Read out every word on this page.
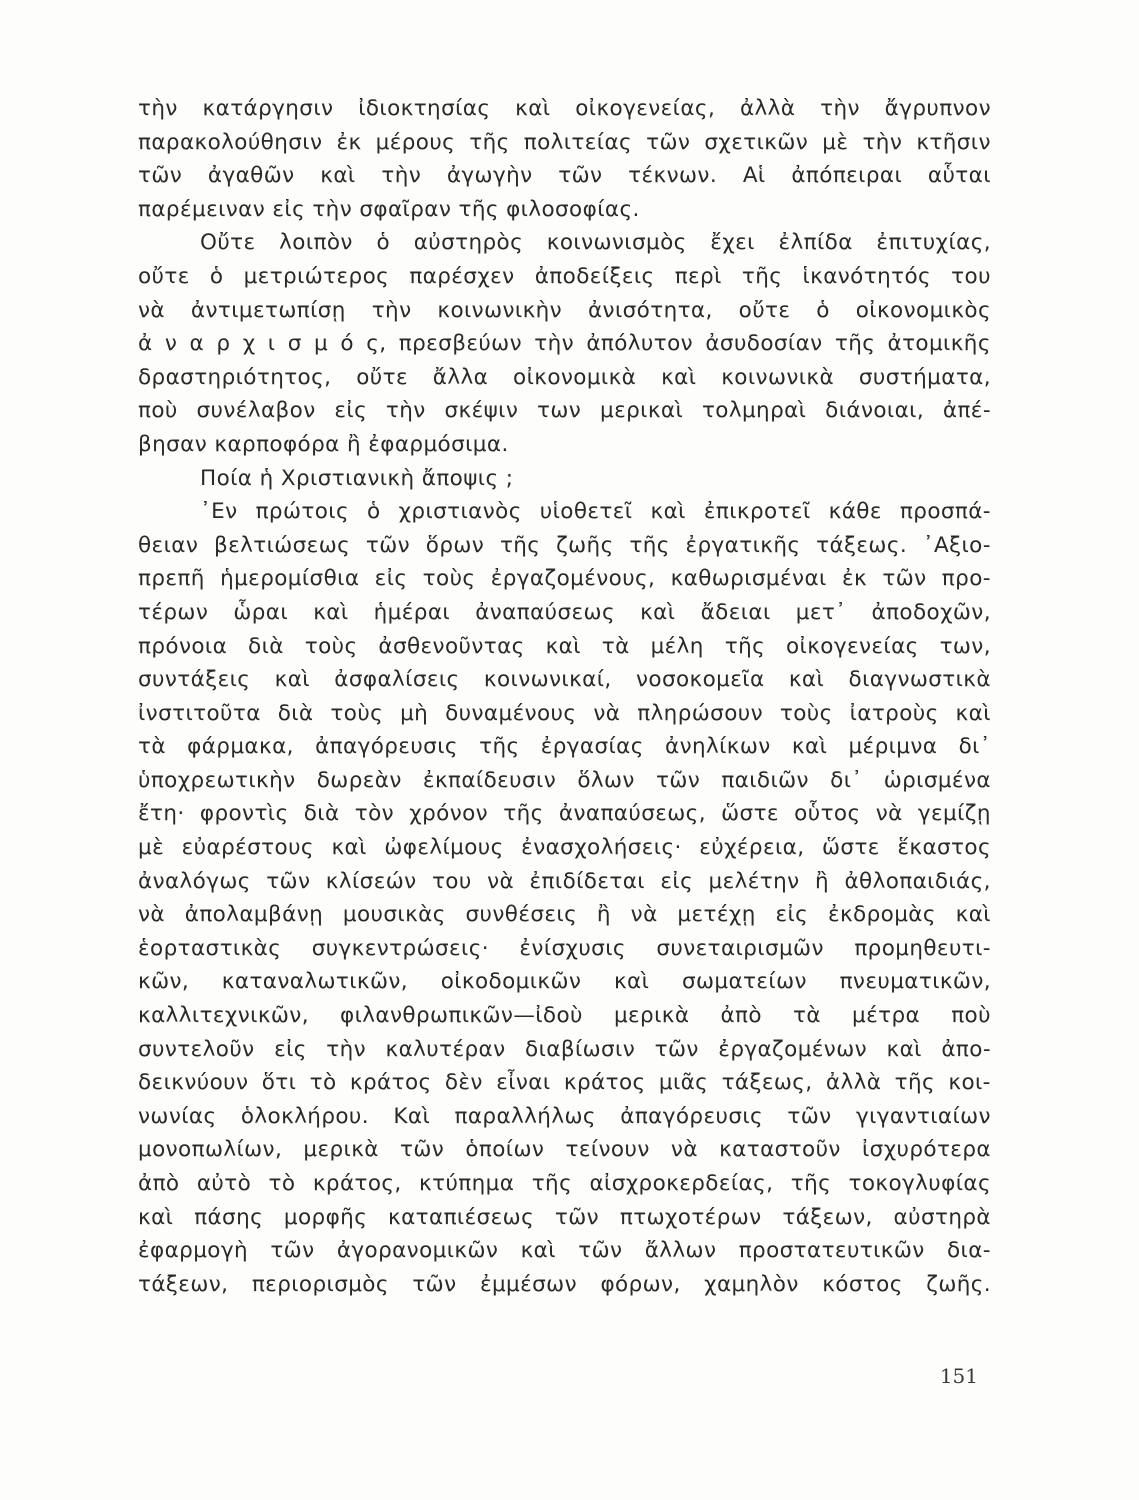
τὴν κατάργησιν ἰδιοκτησίας καὶ οἰκογενείας, ἀλλὰ τὴν ἄγρυπνον
παρακολούθησιν ἐκ μέρους τῆς πολιτείας τῶν σχετικῶν μὲ τὴν κτῆσιν
τῶν ἀγαθῶν καὶ τὴν ἀγωγὴν τῶν τέκνων. Αἱ ἀπόπειραι αὗται
παρέμειναν εἰς τὴν σφαῖραν τῆς φιλοσοφίας.
Οὔτε λοιπὸν ὁ αὐστηρὸς κοινωνισμὸς ἔχει ἐλπίδα ἐπιτυχίας,
οὔτε ὁ μετριώτερος παρέσχεν ἀποδείξεις περὶ τῆς ἱκανότητός του
νὰ ἀντιμετωπίσῃ τὴν κοινωνικὴν ἀνισότητα, οὔτε ὁ οἰκονομικὸς
ἀ ν α ρ χ ι σ μ ό ς, πρεσβεύων τὴν ἀπόλυτον ἀσυδοσίαν τῆς ἀτομικῆς
δραστηριότητος, οὔτε ἄλλα οἰκονομικὰ καὶ κοινωνικὰ συστήματα,
ποὺ συνέλαβον εἰς τὴν σκέψιν των μερικαὶ τολμηραὶ διάνοιαι, ἀπέ-
βησαν καρποφόρα ἢ ἐφαρμόσιμα.
Ποία ἡ Χριστιανικὴ ἄποψις ;
᾿Εν πρώτοις ὁ χριστιανὸς υἱοθετεῖ καὶ ἐπικροτεῖ κάθε προσπά-
θειαν βελτιώσεως τῶν ὅρων τῆς ζωῆς τῆς ἐργατικῆς τάξεως. ᾿Αξιο-
πρεπῆ ἡμερομίσθια εἰς τοὺς ἐργαζομένους, καθωρισμέναι ἐκ τῶν προ-
τέρων ὧραι καὶ ἡμέραι ἀναπαύσεως καὶ ἄδειαι μετ᾿ ἀποδοχῶν,
πρόνοια διὰ τοὺς ἀσθενοῦντας καὶ τὰ μέλη τῆς οἰκογενείας των,
συντάξεις καὶ ἀσφαλίσεις κοινωνικαί, νοσοκομεῖα καὶ διαγνωστικὰ
ἰνστιτοῦτα διὰ τοὺς μὴ δυναμένους νὰ πληρώσουν τοὺς ἰατροὺς καὶ
τὰ φάρμακα, ἀπαγόρευσις τῆς ἐργασίας ἀνηλίκων καὶ μέριμνα δι᾿
ὑποχρεωτικὴν δωρεὰν ἐκπαίδευσιν ὅλων τῶν παιδιῶν δι᾿ ὡρισμένα
ἔτη· φροντὶς διὰ τὸν χρόνον τῆς ἀναπαύσεως, ὥστε οὗτος νὰ γεμίζῃ
μὲ εὐαρέστους καὶ ὠφελίμους ἐνασχολήσεις· εὐχέρεια, ὥστε ἕκαστος
ἀναλόγως τῶν κλίσεών του νὰ ἐπιδίδεται εἰς μελέτην ἢ ἀθλοπαιδιάς,
νὰ ἀπολαμβάνῃ μουσικὰς συνθέσεις ἢ νὰ μετέχῃ εἰς ἐκδρομὰς καὶ
ἑορταστικὰς συγκεντρώσεις· ἐνίσχυσις συνεταιρισμῶν προμηθευτι-
κῶν, καταναλωτικῶν, οἰκοδομικῶν καὶ σωματείων πνευματικῶν,
καλλιτεχνικῶν, φιλανθρωπικῶν—ἰδοὺ μερικὰ ἀπὸ τὰ μέτρα ποὺ
συντελοῦν εἰς τὴν καλυτέραν διαβίωσιν τῶν ἐργαζομένων καὶ ἀπο-
δεικνύουν ὅτι τὸ κράτος δὲν εἶναι κράτος μιᾶς τάξεως, ἀλλὰ τῆς κοι-
νωνίας ὁλοκλήρου. Καὶ παραλλήλως ἀπαγόρευσις τῶν γιγαντιαίων
μονοπωλίων, μερικὰ τῶν ὁποίων τείνουν νὰ καταστοῦν ἰσχυρότερα
ἀπὸ αὐτὸ τὸ κράτος, κτύπημα τῆς αἰσχροκερδείας, τῆς τοκογλυφίας
καὶ πάσης μορφῆς καταπιέσεως τῶν πτωχοτέρων τάξεων, αὐστηρὰ
ἐφαρμογὴ τῶν ἀγορανομικῶν καὶ τῶν ἄλλων προστατευτικῶν δια-
τάξεων, περιορισμὸς τῶν ἐμμέσων φόρων, χαμηλὸν κόστος ζωῆς.
151
